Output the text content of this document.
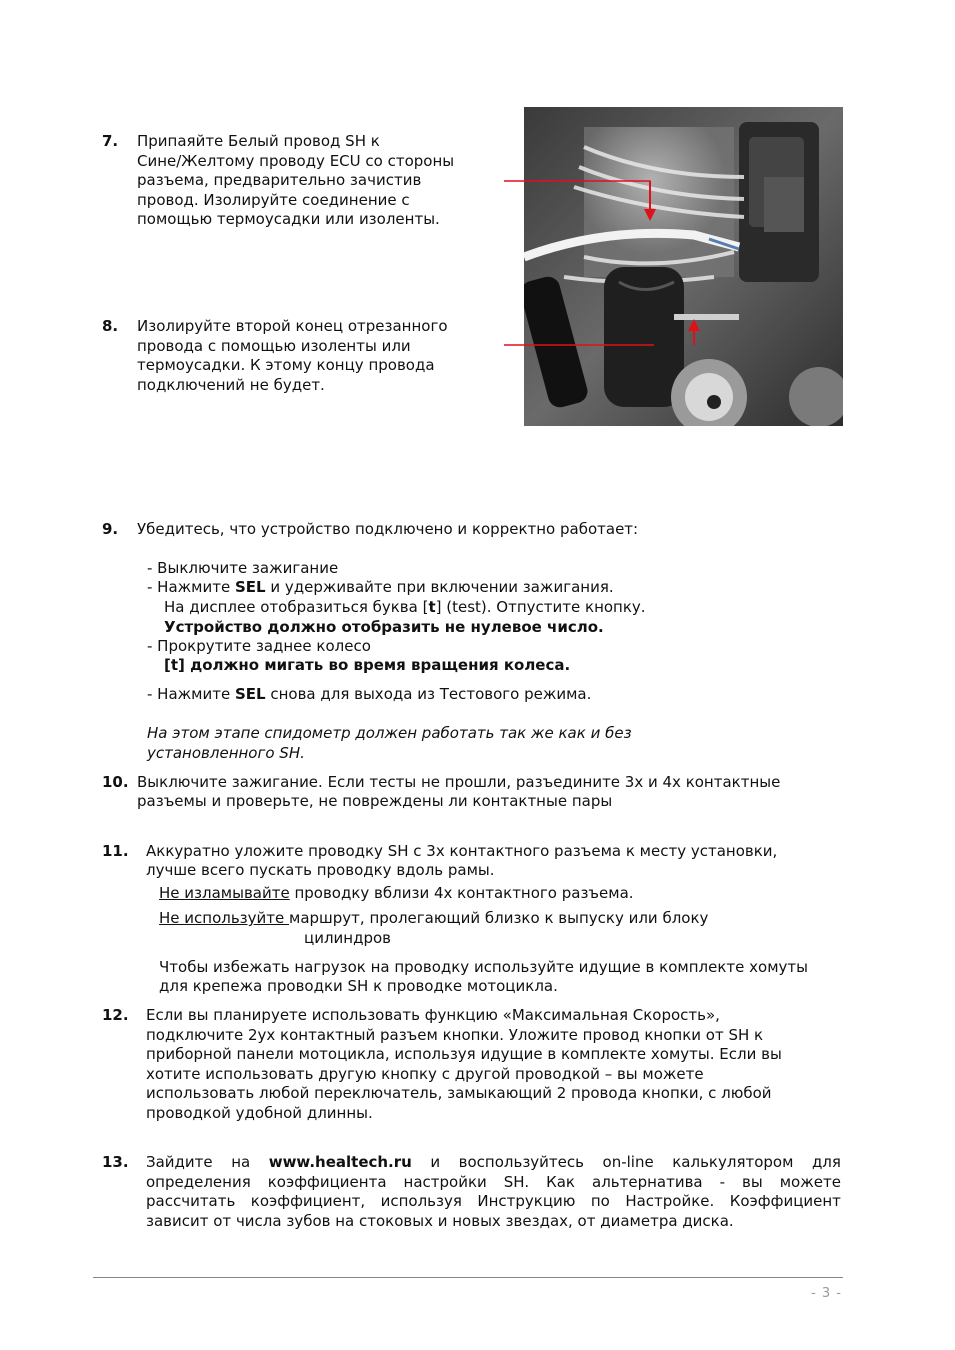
7. Припаяйте Белый провод SH к
Сине/Желтому проводу ECU со стороны
разъема, предварительно зачистив
провод. Изолируйте соединение с
помощью термоусадки или изоленты.
8. Изолируйте второй конец отрезанного
провода с помощью изоленты или
термоусадки. К этому концу провода
подключений не будет.
9. Убедитесь, что устройство подключено и корректно работает:
- Выключите зажигание
- Нажмите SEL и удерживайте при включении зажигания.
На дисплее отобразиться буква [t] (test). Отпустите кнопку.
Устройство должно отобразить не нулевое число.
- Прокрутите заднее колесо
[t] должно мигать во время вращения колеса.
- Нажмите SEL снова для выхода из Тестового режима.
На этом этапе спидометр должен работать так же как и без
установленного SH.
10. Выключите зажигание. Если тесты не прошли, разъедините 3х и 4х контактные
разъемы и проверьте, не повреждены ли контактные пары
11. Аккуратно уложите проводку SH с 3х контактного разъема к месту установки,
лучше всего пускать проводку вдоль рамы.
Не изламывайте проводку вблизи 4х контактного разъема.
Не используйте маршрут, пролегающий близко к выпуску или блоку
цилиндров
Чтобы избежать нагрузок на проводку используйте идущие в комплекте хомуты
для крепежа проводки SH к проводке мотоцикла.
12. Если вы планируете использовать функцию «Максимальная Скорость»,
подключите 2ух контактный разъем кнопки. Уложите провод кнопки от SH к
приборной панели мотоцикла, используя идущие в комплекте хомуты. Если вы
хотите использовать другую кнопку с другой проводкой – вы можете
использовать любой переключатель, замыкающий 2 провода кнопки, с любой
проводкой удобной длинны.
13. Зайдите на www.healtech.ru и воспользуйтесь on-line калькулятором для
определения коэффициента настройки SH. Как альтернатива - вы можете
рассчитать коэффициент, используя Инструкцию по Настройке. Коэффициент
зависит от числа зубов на стоковых и новых звездах, от диаметра диска.
- 3 -
